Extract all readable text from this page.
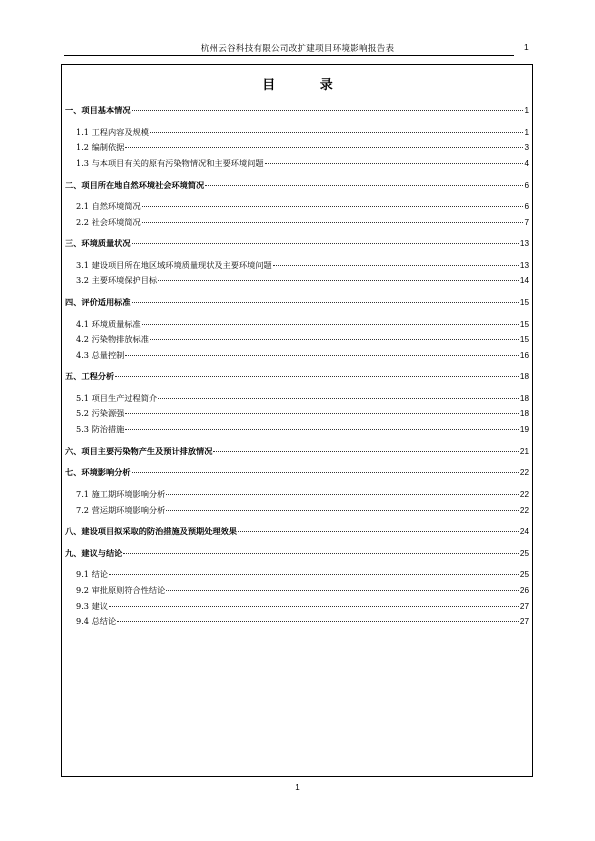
杭州云谷科技有限公司改扩建项目环境影响报告表	1
目 录
一、项目基本情况	1
1.1 工程内容及规模	1
1.2 编制依据	3
1.3 与本项目有关的原有污染物情况和主要环境问题	4
二、项目所在地自然环境社会环境简况	6
2.1 自然环境简况	6
2.2 社会环境简况	7
三、环境质量状况	13
3.1 建设项目所在地区域环境质量现状及主要环境问题	13
3.2 主要环境保护目标	14
四、评价适用标准	15
4.1 环境质量标准	15
4.2 污染物排放标准	15
4.3 总量控制	16
五、工程分析	18
5.1 项目生产过程简介	18
5.2 污染源强	18
5.3 防治措施	19
六、项目主要污染物产生及预计排放情况	21
七、环境影响分析	22
7.1 施工期环境影响分析	22
7.2 营运期环境影响分析	22
八、建设项目拟采取的防治措施及预期处理效果	24
九、建议与结论	25
9.1 结论	25
9.2 审批原则符合性结论	26
9.3 建议	27
9.4 总结论	27
1
